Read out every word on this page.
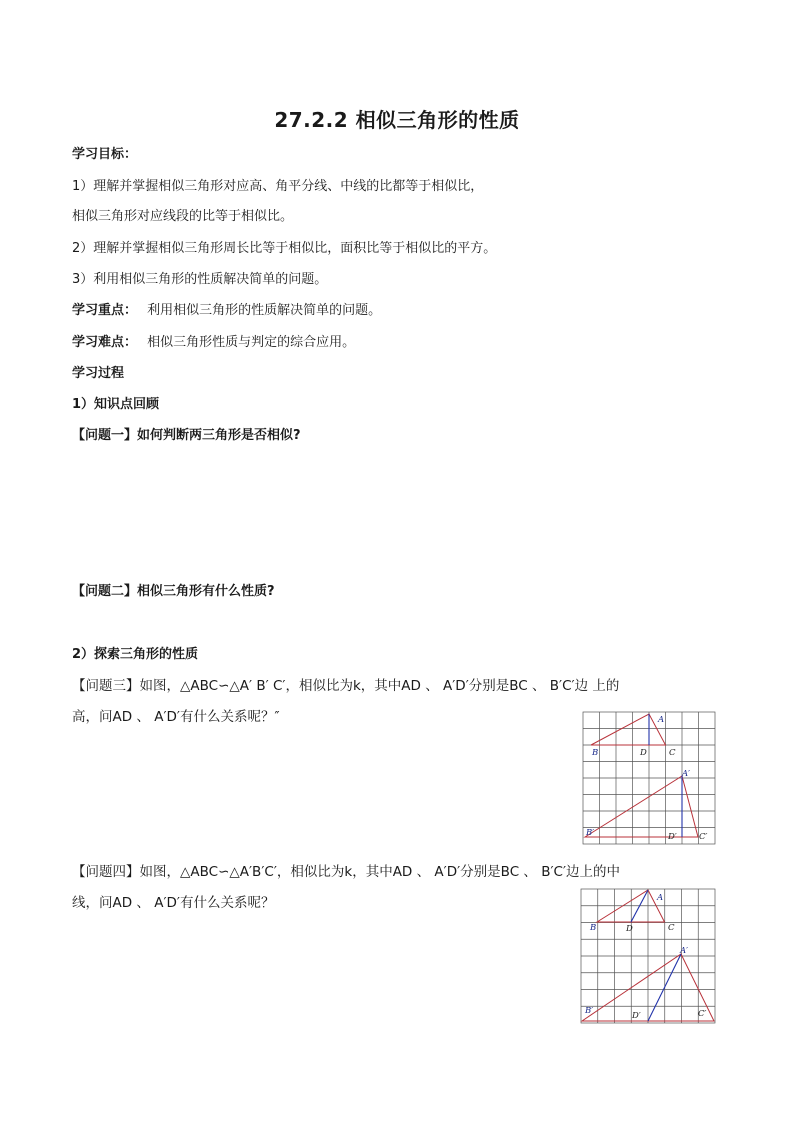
27.2.2 相似三角形的性质
学习目标：
1）理解并掌握相似三角形对应高、角平分线、中线的比都等于相似比，
相似三角形对应线段的比等于相似比。
2）理解并掌握相似三角形周长比等于相似比，面积比等于相似比的平方。
3）利用相似三角形的性质解决简单的问题。
学习重点： 利用相似三角形的性质解决简单的问题。
学习难点： 相似三角形性质与判定的综合应用。
学习过程
1）知识点回顾
【问题一】如何判断两三角形是否相似?
【问题二】相似三角形有什么性质?
2）探索三角形的性质
【问题三】如图，△ABC∽△A′ B′ C′，相似比为k，其中AD 、 A′D′分别是BC 、 B′C′边 上的
高，问AD 、 A′D′有什么关系呢？″	A
B	D	C
A′
B′	D′	C′
【问题四】如图，△ABC∽△A′B′C′，相似比为k，其中AD 、 A′D′分别是BC 、 B′C′边上的中
线，问AD 、 A′D′有什么关系呢？	A
B	D	C
A′
B′	D′	C′
